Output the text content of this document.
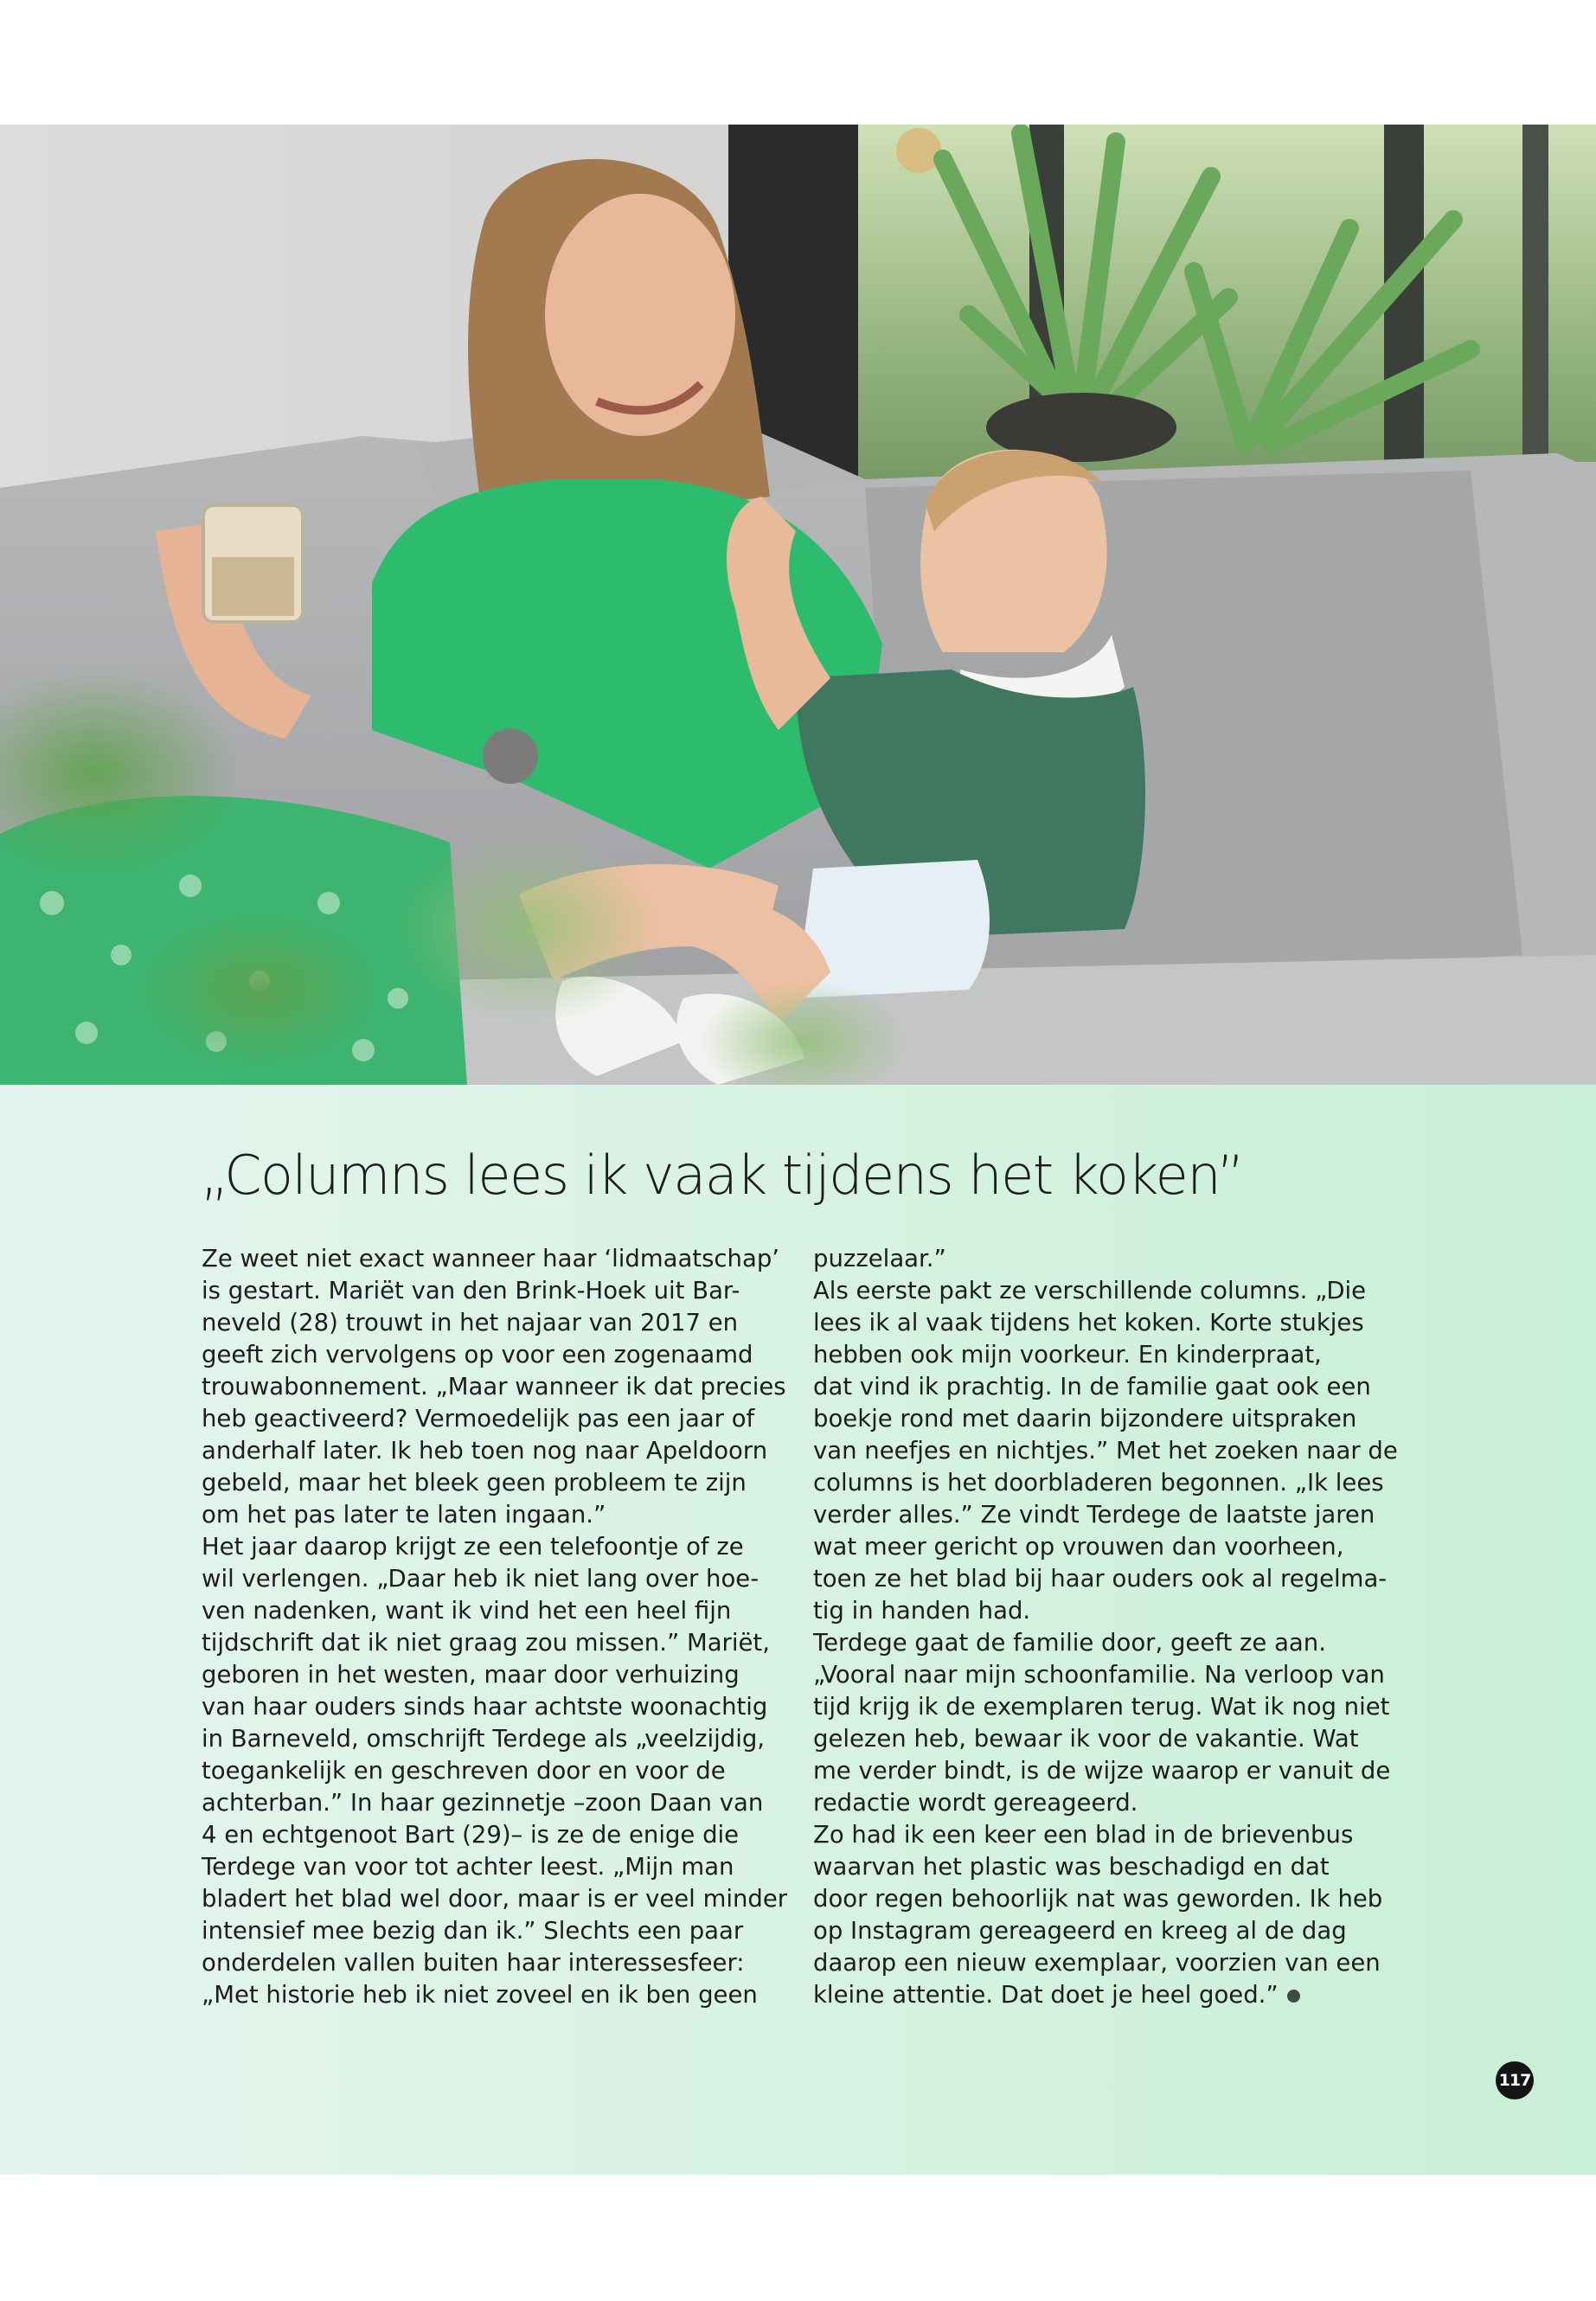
„Columns lees ik vaak tijdens het koken”
Ze weet niet exact wanneer haar ‘lidmaatschap’
is gestart. Mariët van den Brink-Hoek uit Bar-
neveld (28) trouwt in het najaar van 2017 en
geeft zich vervolgens op voor een zogenaamd
trouwabonnement. „Maar wanneer ik dat precies
heb geactiveerd? Vermoedelijk pas een jaar of
anderhalf later. Ik heb toen nog naar Apeldoorn
gebeld, maar het bleek geen probleem te zijn
om het pas later te laten ingaan.”
Het jaar daarop krijgt ze een telefoontje of ze
wil verlengen. „Daar heb ik niet lang over hoe-
ven nadenken, want ik vind het een heel fijn
tijdschrift dat ik niet graag zou missen.” Mariët,
geboren in het westen, maar door verhuizing
van haar ouders sinds haar achtste woonachtig
in Barneveld, omschrijft Terdege als „veelzijdig,
toegankelijk en geschreven door en voor de
achterban.” In haar gezinnetje –zoon Daan van
4 en echtgenoot Bart (29)– is ze de enige die
Terdege van voor tot achter leest. „Mijn man
bladert het blad wel door, maar is er veel minder
intensief mee bezig dan ik.” Slechts een paar
onderdelen vallen buiten haar interessesfeer:
„Met historie heb ik niet zoveel en ik ben geen
puzzelaar.”
Als eerste pakt ze verschillende columns. „Die
lees ik al vaak tijdens het koken. Korte stukjes
hebben ook mijn voorkeur. En kinderpraat,
dat vind ik prachtig. In de familie gaat ook een
boekje rond met daarin bijzondere uitspraken
van neefjes en nichtjes.” Met het zoeken naar de
columns is het doorbladeren begonnen. „Ik lees
verder alles.” Ze vindt Terdege de laatste jaren
wat meer gericht op vrouwen dan voorheen,
toen ze het blad bij haar ouders ook al regelma-
tig in handen had.
Terdege gaat de familie door, geeft ze aan.
„Vooral naar mijn schoonfamilie. Na verloop van
tijd krijg ik de exemplaren terug. Wat ik nog niet
gelezen heb, bewaar ik voor de vakantie. Wat
me verder bindt, is de wijze waarop er vanuit de
redactie wordt gereageerd.
Zo had ik een keer een blad in de brievenbus
waarvan het plastic was beschadigd en dat
door regen behoorlijk nat was geworden. Ik heb
op Instagram gereageerd en kreeg al de dag
daarop een nieuw exemplaar, voorzien van een
kleine attentie. Dat doet je heel goed.”
117
